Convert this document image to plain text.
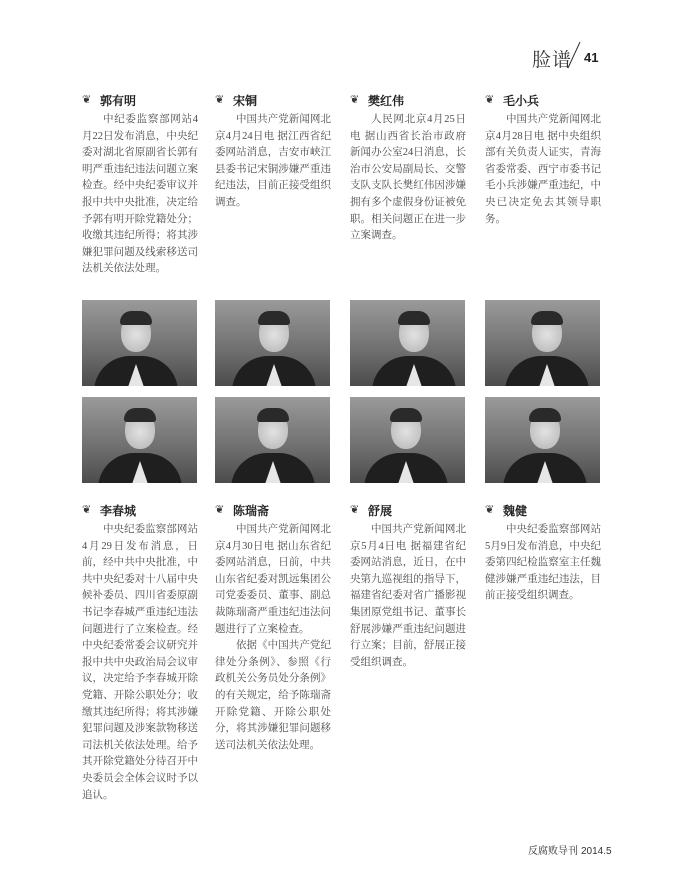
脸谱 41
❦ 郭有明

中纪委监察部网站4月22日发布消息，中央纪委对湖北省原副省长郭有明严重违纪违法问题立案检查。经中央纪委审议并报中共中央批准，决定给予郭有明开除党籍处分；收缴其违纪所得；将其涉嫌犯罪问题及线索移送司法机关依法处理。

❦ 宋铜

中国共产党新闻网北京4月24日电 据江西省纪委网站消息，吉安市峡江县委书记宋铜涉嫌严重违纪违法，目前正接受组织调查。

❦ 樊红伟

人民网北京4月25日电 据山西省长治市政府新闻办公室24日消息，长治市公安局副局长、交警支队支队长樊红伟因涉嫌拥有多个虚假身份证被免职。相关问题正在进一步立案调查。

❦ 毛小兵

中国共产党新闻网北京4月28日电 据中央组织部有关负责人证实，青海省委常委、西宁市委书记毛小兵涉嫌严重违纪，中央已决定免去其领导职务。

❦ 李春城

中央纪委监察部网站4月29日发布消息，日前，经中共中央批准，中共中央纪委对十八届中央候补委员、四川省委原副书记李春城严重违纪违法问题进行了立案检查。经中央纪委常委会议研究并报中共中央政治局会议审议，决定给予李春城开除党籍、开除公职处分；收缴其违纪所得；将其涉嫌犯罪问题及涉案款物移送司法机关依法处理。给予其开除党籍处分待召开中央委员会全体会议时予以追认。

❦ 陈瑞斋

中国共产党新闻网北京4月30日电 据山东省纪委网站消息，日前，中共山东省纪委对凯远集团公司党委委员、董事、副总裁陈瑞斋严重违纪违法问题进行了立案检查。

依据《中国共产党纪律处分条例》、参照《行政机关公务员处分条例》的有关规定，给予陈瑞斋开除党籍、开除公职处分，将其涉嫌犯罪问题移送司法机关依法处理。

❦ 舒展

中国共产党新闻网北京5月4日电 据福建省纪委网站消息，近日，在中央第九巡视组的指导下，福建省纪委对省广播影视集团原党组书记、董事长舒展涉嫌严重违纪问题进行立案；目前，舒展正接受组织调查。

❦ 魏健

中央纪委监察部网站5月9日发布消息，中央纪委第四纪检监察室主任魏健涉嫌严重违纪违法，目前正接受组织调查。

反腐败导刊 2014.5
